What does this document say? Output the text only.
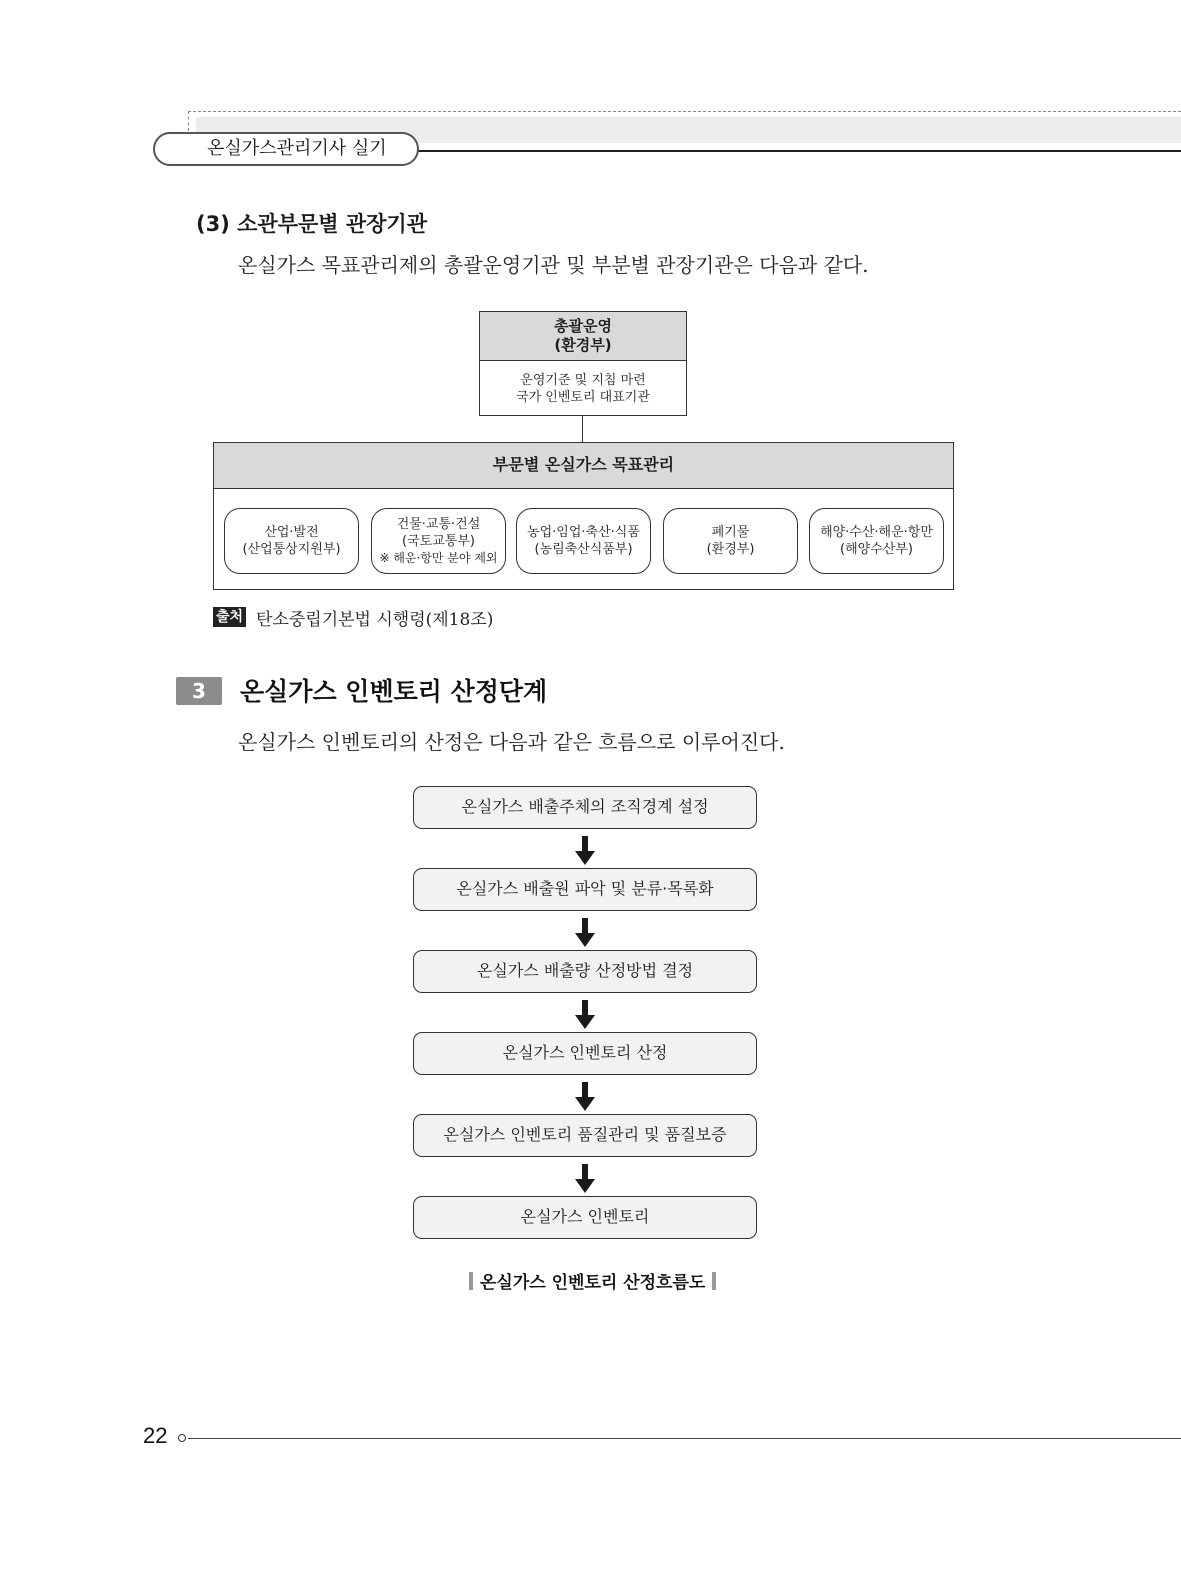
온실가스관리기사 실기
(3) 소관부문별 관장기관
온실가스 목표관리제의 총괄운영기관 및 부분별 관장기관은 다음과 같다.
총괄운영
(환경부)
운영기준 및 지침 마련
국가 인벤토리 대표기관
부문별 온실가스 목표관리
산업·발전
(산업통상지원부)
건물·교통·건설
(국토교통부)
※ 해운·항만 분야 제외
농업·임업·축산·식품
(농림축산식품부)
폐기물
(환경부)
해양·수산·해운·항만
(해양수산부)
출처 탄소중립기본법 시행령(제18조)
3	온실가스 인벤토리 산정단계
온실가스 인벤토리의 산정은 다음과 같은 흐름으로 이루어진다.
온실가스 배출주체의 조직경계 설정
온실가스 배출원 파악 및 분류·목록화
온실가스 배출량 산정방법 결정
온실가스 인벤토리 산정
온실가스 인벤토리 품질관리 및 품질보증
온실가스 인벤토리
온실가스 인벤토리 산정흐름도
22
